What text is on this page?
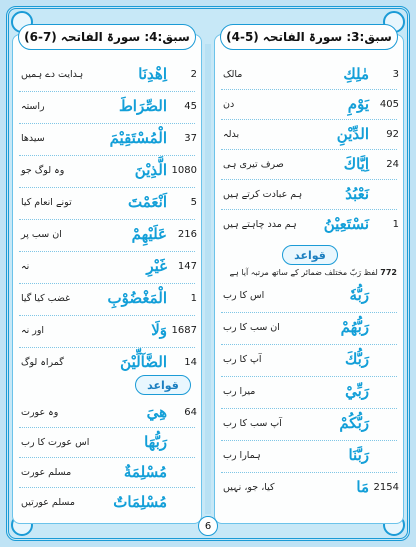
3
مٰلِكِ
مالک
405
يَوْمِ
دن
92
الدِّيْنِ
بدلہ
24
اِيَّاكَ
صرف تیری ہی
نَعْبُدُ
ہم عبادت کرتے ہیں
1
نَسْتَعِيْنُ
ہم مدد چاہتے ہیں
قواعد
772 لفظ رَبّ مختلف ضمائر کے ساتھ مرتبہ آیا ہے
رَبُّهٗ
اس کا رب
رَبُّهُمْ
ان سب کا رب
رَبُّكَ
آپ کا رب
رَبِّيْ
میرا رب
رَبُّكُمْ
آپ سب کا رب
رَبَّنَا
ہمارا رب
2154
مَا
کیا، جو، نہیں
سبق:3: سورۃ الفاتحہ
(4-5)
2
اِهْدِنَا
ہدایت دے ہمیں
45
الصِّرَاطَ
راستہ
37
الْمُسْتَقِيْمَ
سیدھا
1080
الَّذِيْنَ
وہ لوگ جو
5
اَنْعَمْتَ
تونے انعام کیا
216
عَلَيْهِمْ
ان سب پر
147
غَيْرِ
نہ
1
الْمَغْضُوْبِ
غضب کیا گیا
1687
وَلَا
اور نہ
14
الضَّآلِّيْنَ
گمراہ لوگ
قواعد
64
هِيَ
وہ عورت
رَبُّهَا
اس عورت کا رب
مُسْلِمَةٌ
مسلم عورت
مُسْلِمَاتٌ
مسلم عورتیں
سبق:4: سورۃ الفاتحہ
(6-7)
6
